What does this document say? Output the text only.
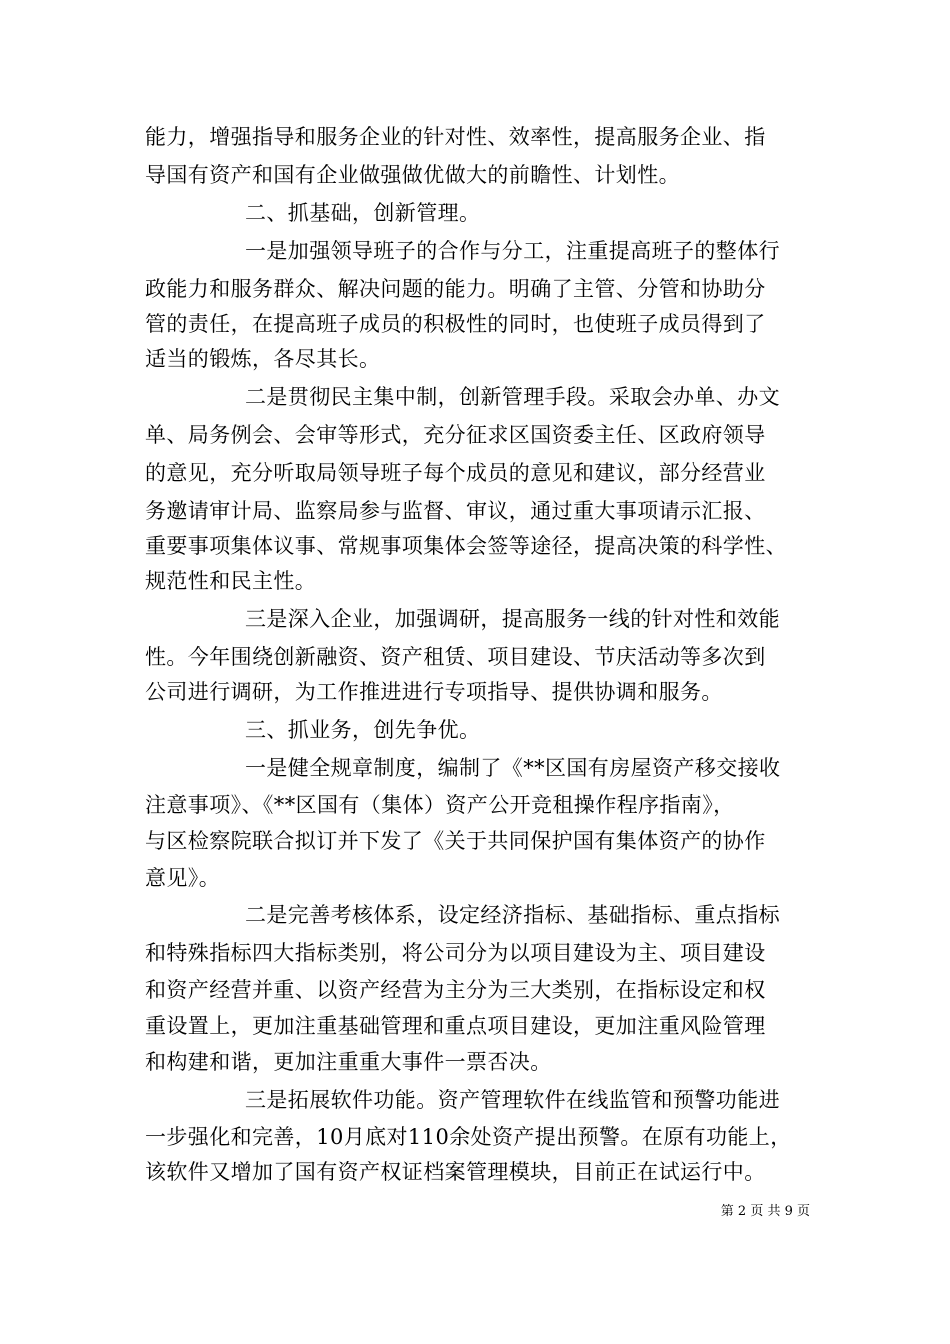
能力，增强指导和服务企业的针对性、效率性，提高服务企业、指
导国有资产和国有企业做强做优做大的前瞻性、计划性。
二、抓基础，创新管理。
一是加强领导班子的合作与分工，注重提高班子的整体行
政能力和服务群众、解决问题的能力。明确了主管、分管和协助分
管的责任，在提高班子成员的积极性的同时，也使班子成员得到了
适当的锻炼，各尽其长。
二是贯彻民主集中制，创新管理手段。采取会办单、办文
单、局务例会、会审等形式，充分征求区国资委主任、区政府领导
的意见，充分听取局领导班子每个成员的意见和建议，部分经营业
务邀请审计局、监察局参与监督、审议，通过重大事项请示汇报、
重要事项集体议事、常规事项集体会签等途径，提高决策的科学性、
规范性和民主性。
三是深入企业，加强调研，提高服务一线的针对性和效能
性。今年围绕创新融资、资产租赁、项目建设、节庆活动等多次到
公司进行调研，为工作推进进行专项指导、提供协调和服务。
三、抓业务，创先争优。
一是健全规章制度，编制了《**区国有房屋资产移交接收
注意事项》、《**区国有（集体）资产公开竞租操作程序指南》，
与区检察院联合拟订并下发了《关于共同保护国有集体资产的协作
意见》。
二是完善考核体系，设定经济指标、基础指标、重点指标
和特殊指标四大指标类别，将公司分为以项目建设为主、项目建设
和资产经营并重、以资产经营为主分为三大类别，在指标设定和权
重设置上，更加注重基础管理和重点项目建设，更加注重风险管理
和构建和谐，更加注重重大事件一票否决。
三是拓展软件功能。资产管理软件在线监管和预警功能进
一步强化和完善，10月底对110余处资产提出预警。在原有功能上，
该软件又增加了国有资产权证档案管理模块，目前正在试运行中。
第 2 页 共 9 页
